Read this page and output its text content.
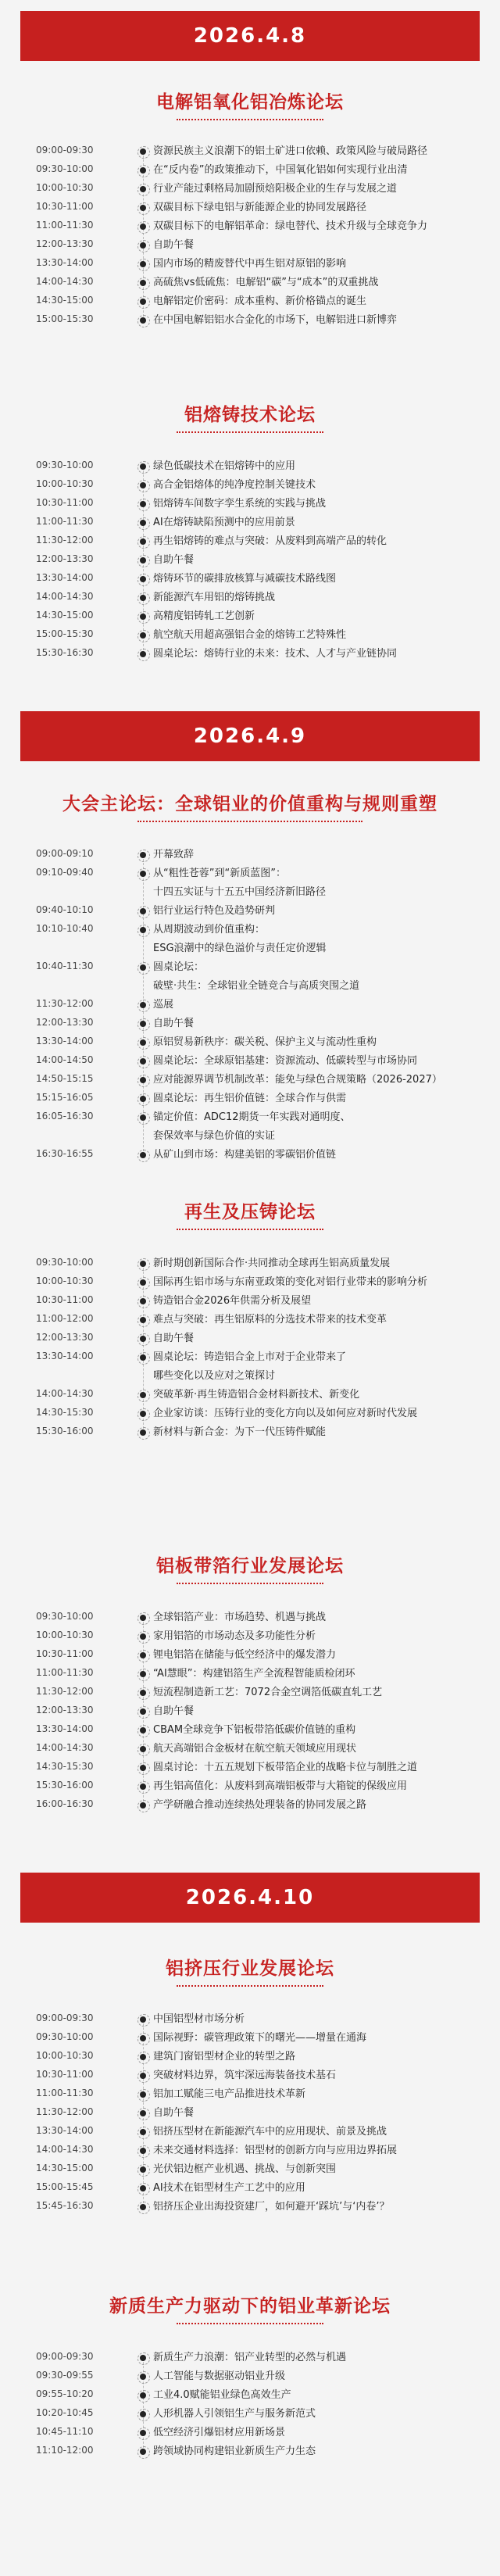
2026.4.8
电解铝氧化铝冶炼论坛
09:00-09:30	资源民族主义浪潮下的铝土矿进口依赖、政策风险与破局路径
09:30-10:00	在“反内卷”的政策推动下，中国氧化铝如何实现行业出清
10:00-10:30	行业产能过剩格局加剧预焙阳极企业的生存与发展之道
10:30-11:00	双碳目标下绿电铝与新能源企业的协同发展路径
11:00-11:30	双碳目标下的电解铝革命：绿电替代、技术升级与全球竞争力
12:00-13:30	自助午餐
13:30-14:00	国内市场的精废替代中再生铝对原铝的影响
14:00-14:30	高硫焦vs低硫焦：电解铝“碳”与“成本”的双重挑战
14:30-15:00	电解铝定价密码：成本重构、新价格锚点的诞生
15:00-15:30	在中国电解铝铝水合金化的市场下，电解铝进口新博弈
铝熔铸技术论坛
09:30-10:00	绿色低碳技术在铝熔铸中的应用
10:00-10:30	高合金铝熔体的纯净度控制关键技术
10:30-11:00	铝熔铸车间数字孪生系统的实践与挑战
11:00-11:30	AI在熔铸缺陷预测中的应用前景
11:30-12:00	再生铝熔铸的难点与突破：从废料到高端产品的转化
12:00-13:30	自助午餐
13:30-14:00	熔铸环节的碳排放核算与减碳技术路线图
14:00-14:30	新能源汽车用铝的熔铸挑战
14:30-15:00	高精度铝铸轧工艺创新
15:00-15:30	航空航天用超高强铝合金的熔铸工艺特殊性
15:30-16:30	圆桌论坛：熔铸行业的未来：技术、人才与产业链协同
2026.4.9
大会主论坛：全球铝业的价值重构与规则重塑
09:00-09:10	开幕致辞
09:10-09:40	从“粗性苍蓉”到“新质蓝图”：
十四五实证与十五五中国经济新旧路径
09:40-10:10	铝行业运行特色及趋势研判
10:10-10:40	从周期波动到价值重构：
ESG浪潮中的绿色溢价与责任定价逻辑
10:40-11:30	圆桌论坛：
破壁·共生：全球铝业全链竞合与高质突围之道
11:30-12:00	巡展
12:00-13:30	自助午餐
13:30-14:00	原铝贸易新秩序：碳关税、保护主义与流动性重构
14:00-14:50	圆桌论坛：全球原铝基建：资源流动、低碳转型与市场协同
14:50-15:15	应对能源界调节机制改革：能免与绿色合规策略（2026-2027）
15:15-16:05	圆桌论坛：再生铝价值链：全球合作与供需
16:05-16:30	锚定价值：ADC12期货一年实践对通明度、
套保效率与绿色价值的实证
16:30-16:55	从矿山到市场：构建美铝的零碳铝价值链
再生及压铸论坛
09:30-10:00	新时期创新国际合作·共同推动全球再生铝高质量发展
10:00-10:30	国际再生铝市场与东南亚政策的变化对铝行业带来的影响分析
10:30-11:00	铸造铝合金2026年供需分析及展望
11:00-12:00	难点与突破：再生铝原料的分选技术带来的技术变革
12:00-13:30	自助午餐
13:30-14:00	圆桌论坛：铸造铝合金上市对于企业带来了
哪些变化以及应对之策探讨
14:00-14:30	突破革新·再生铸造铝合金材料新技术、新变化
14:30-15:30	企业家访谈：压铸行业的变化方向以及如何应对新时代发展
15:30-16:00	新材料与新合金：为下一代压铸件赋能
铝板带箔行业发展论坛
09:30-10:00	全球铝箔产业：市场趋势、机遇与挑战
10:00-10:30	家用铝箔的市场动态及多功能性分析
10:30-11:00	锂电铝箔在储能与低空经济中的爆发潜力
11:00-11:30	“AI慧眼”：构建铝箔生产全流程智能质检闭环
11:30-12:00	短流程制造新工艺：7072合金空调箔低碳直轧工艺
12:00-13:30	自助午餐
13:30-14:00	CBAM全球竞争下铝板带箔低碳价值链的重构
14:00-14:30	航天高端铝合金板材在航空航天领域应用现状
14:30-15:30	圆桌讨论：十五五规划下板带箔企业的战略卡位与制胜之道
15:30-16:00	再生铝高值化：从废料到高端铝板带与大箱锭的保级应用
16:00-16:30	产学研融合推动连续热处理装备的协同发展之路
2026.4.10
铝挤压行业发展论坛
09:00-09:30	中国铝型材市场分析
09:30-10:00	国际视野：碳管理政策下的曙光——增量在通海
10:00-10:30	建筑门窗铝型材企业的转型之路
10:30-11:00	突破材料边界，筑牢深远海装备技术基石
11:00-11:30	铝加工赋能三电产品推进技术革新
11:30-12:00	自助午餐
13:30-14:00	铝挤压型材在新能源汽车中的应用现状、前景及挑战
14:00-14:30	未来交通材料选择：铝型材的创新方向与应用边界拓展
14:30-15:00	光伏铝边框产业机遇、挑战、与创新突围
15:00-15:45	AI技术在铝型材生产工艺中的应用
15:45-16:30	铝挤压企业出海投资建厂，如何避开‘踩坑’与‘内卷’？
新质生产力驱动下的铝业革新论坛
09:00-09:30	新质生产力浪潮：铝产业转型的必然与机遇
09:30-09:55	人工智能与数据驱动铝业升级
09:55-10:20	工业4.0赋能铝业绿色高效生产
10:20-10:45	人形机器人引领铝生产与服务新范式
10:45-11:10	低空经济引爆铝材应用新场景
11:10-12:00	跨领域协同构建铝业新质生产力生态
